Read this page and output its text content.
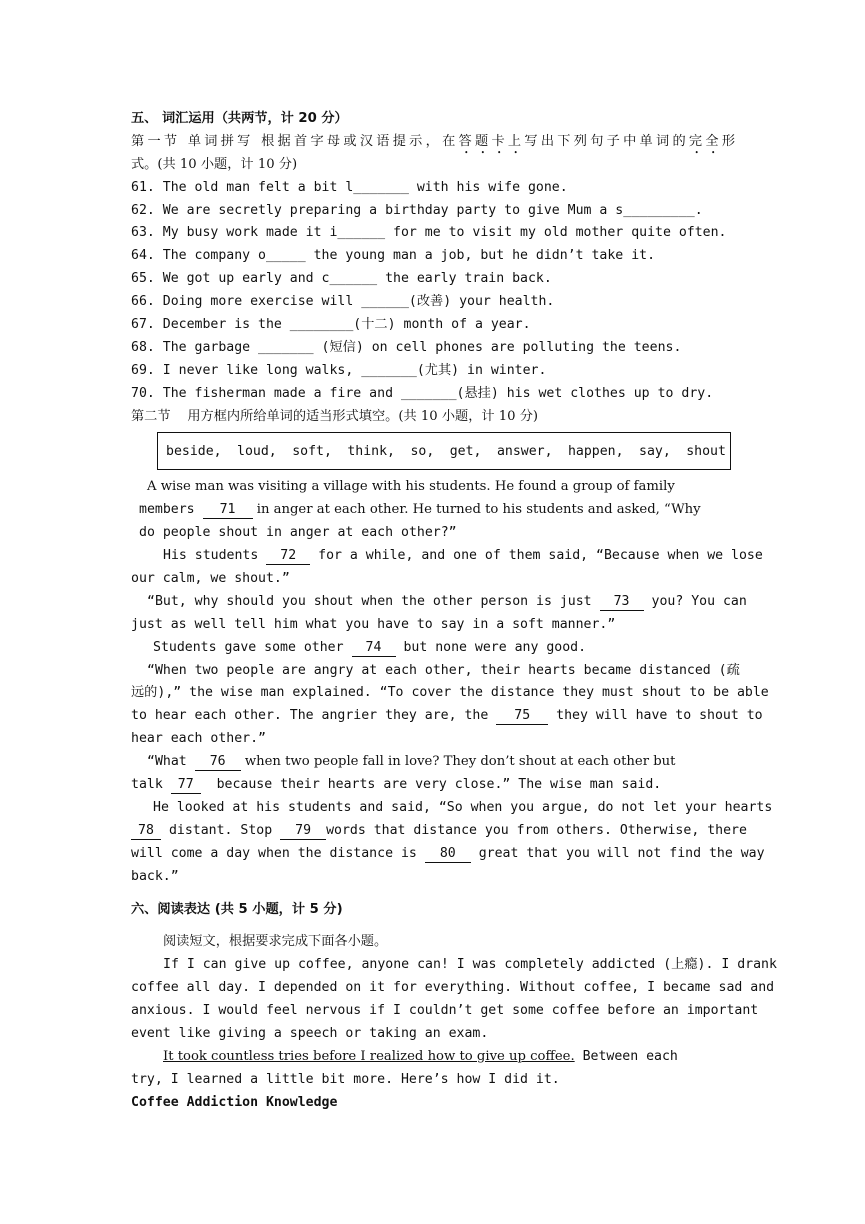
五、 词汇运用（共两节，计 20 分）
第一节 单词拼写 根据首字母或汉语提示，在答题卡上写出下列句子中单词的完全形
式。(共 10 小题，计 10 分)
61. The old man felt a bit l_______ with his wife gone.
62. We are secretly preparing a birthday party to give Mum a s_________.
63. My busy work made it i______ for me to visit my old mother quite often.
64. The company o_____ the young man a job, but he didn’t take it.
65. We got up early and c______ the early train back.
66. Doing more exercise will ______(改善) your health.
67. December is the ________(十二) month of a year.
68. The garbage _______ (短信) on cell phones are polluting the teens.
69. I never like long walks, _______(尤其) in winter.
70. The fisherman made a fire and _______(悬挂) his wet clothes up to dry.
第二节    用方框内所给单词的适当形式填空。(共 10 小题，计 10 分)
beside, loud, soft, think, so, get, answer, happen, say, shout
A wise man was visiting a village with his students. He found a group of family
members 71 in anger at each other. He turned to his students and asked, “Why
do people shout in anger at each other?”
His students 72 for a while, and one of them said, “Because when we lose
our calm, we shout.”
“But, why should you shout when the other person is just 73 you? You can
just as well tell him what you have to say in a soft manner.”
Students gave some other 74 but none were any good.
“When two people are angry at each other, their hearts became distanced (疏
远的),” the wise man explained. “To cover the distance they must shout to be able
to hear each other. The angrier they are, the 75 they will have to shout to
hear each other.”
“What 76 when two people fall in love? They don’t shout at each other but
talk 77  because their hearts are very close.” The wise man said.
He looked at his students and said, “So when you argue, do not let your hearts
78 distant. Stop 79 words that distance you from others. Otherwise, there
will come a day when the distance is 80 great that you will not find the way
back.”
六、阅读表达 (共 5 小题，计 5 分)
阅读短文，根据要求完成下面各小题。
If I can give up coffee, anyone can! I was completely addicted (上瘾). I drank
coffee all day. I depended on it for everything. Without coffee, I became sad and
anxious. I would feel nervous if I couldn’t get some coffee before an important
event like giving a speech or taking an exam.
It took countless tries before I realized how to give up coffee. Between each
try, I learned a little bit more. Here’s how I did it.
Coffee Addiction Knowledge
